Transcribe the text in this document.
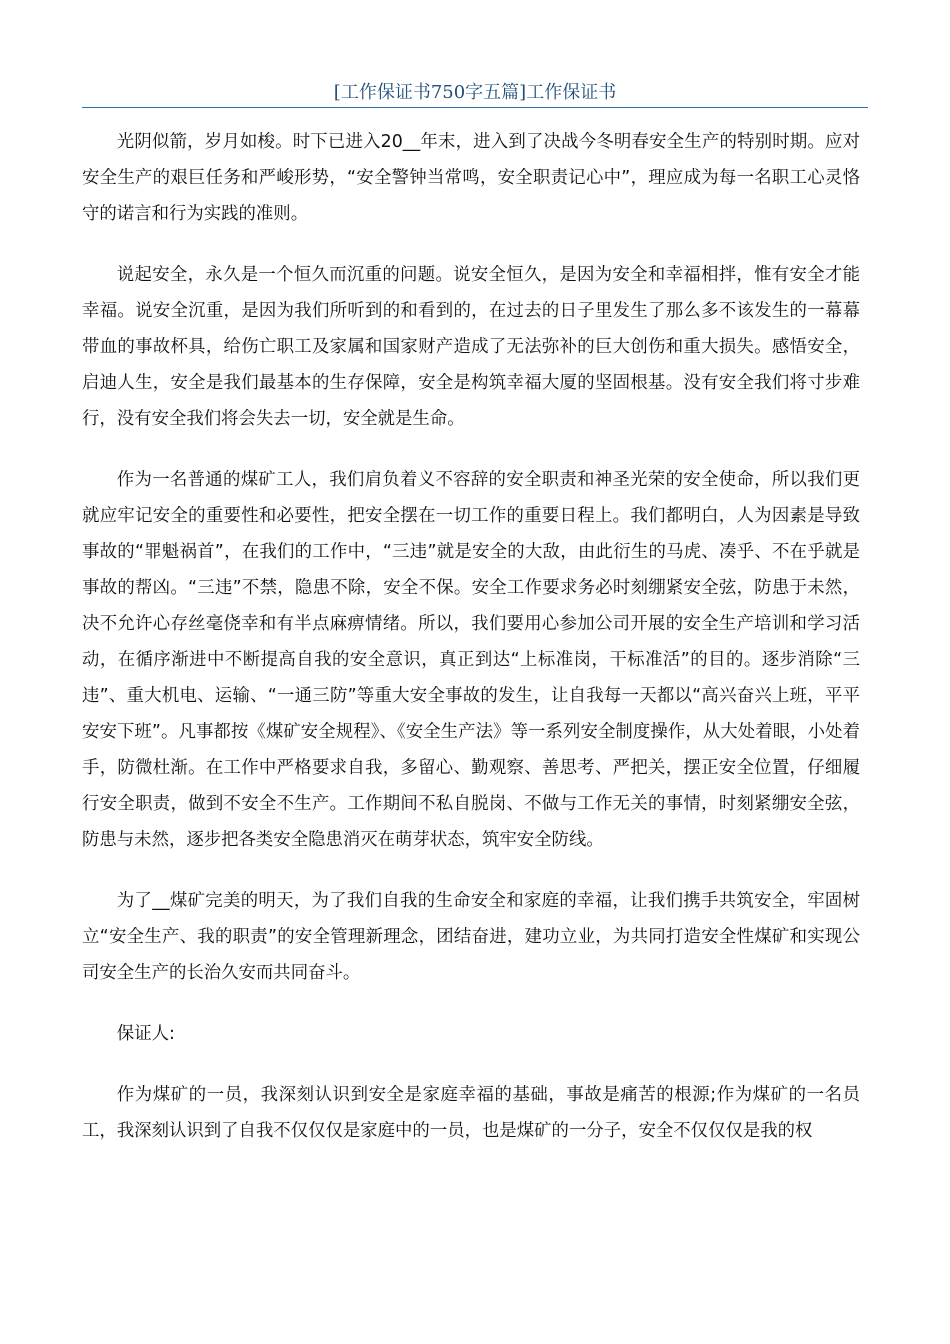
[工作保证书750字五篇]工作保证书

光阴似箭，岁月如梭。时下已进入20__年末，进入到了决战今冬明春安全生产的特别时期。应对安全生产的艰巨任务和严峻形势，“安全警钟当常鸣，安全职责记心中”，理应成为每一名职工心灵恪守的诺言和行为实践的准则。

说起安全，永久是一个恒久而沉重的问题。说安全恒久，是因为安全和幸福相拌，惟有安全才能幸福。说安全沉重，是因为我们所听到的和看到的，在过去的日子里发生了那么多不该发生的一幕幕带血的事故杯具，给伤亡职工及家属和国家财产造成了无法弥补的巨大创伤和重大损失。感悟安全，启迪人生，安全是我们最基本的生存保障，安全是构筑幸福大厦的坚固根基。没有安全我们将寸步难行，没有安全我们将会失去一切，安全就是生命。

作为一名普通的煤矿工人，我们肩负着义不容辞的安全职责和神圣光荣的安全使命，所以我们更就应牢记安全的重要性和必要性，把安全摆在一切工作的重要日程上。我们都明白，人为因素是导致事故的“罪魁祸首”，在我们的工作中，“三违”就是安全的大敌，由此衍生的马虎、凑乎、不在乎就是事故的帮凶。“三违”不禁，隐患不除，安全不保。安全工作要求务必时刻绷紧安全弦，防患于未然，决不允许心存丝毫侥幸和有半点麻痹情绪。所以，我们要用心参加公司开展的安全生产培训和学习活动，在循序渐进中不断提高自我的安全意识，真正到达“上标准岗，干标准活”的目的。逐步消除“三违”、重大机电、运输、“一通三防”等重大安全事故的发生，让自我每一天都以“高兴奋兴上班，平平安安下班”。凡事都按《煤矿安全规程》、《安全生产法》等一系列安全制度操作，从大处着眼，小处着手，防微杜渐。在工作中严格要求自我，多留心、勤观察、善思考、严把关，摆正安全位置，仔细履行安全职责，做到不安全不生产。工作期间不私自脱岗、不做与工作无关的事情，时刻紧绷安全弦，防患与未然，逐步把各类安全隐患消灭在萌芽状态，筑牢安全防线。

为了__煤矿完美的明天，为了我们自我的生命安全和家庭的幸福，让我们携手共筑安全，牢固树立“安全生产、我的职责”的安全管理新理念，团结奋进，建功立业，为共同打造安全性煤矿和实现公司安全生产的长治久安而共同奋斗。

保证人:

作为煤矿的一员，我深刻认识到安全是家庭幸福的基础，事故是痛苦的根源;作为煤矿的一名员工，我深刻认识到了自我不仅仅仅是家庭中的一员，也是煤矿的一分子，安全不仅仅仅是我的权
